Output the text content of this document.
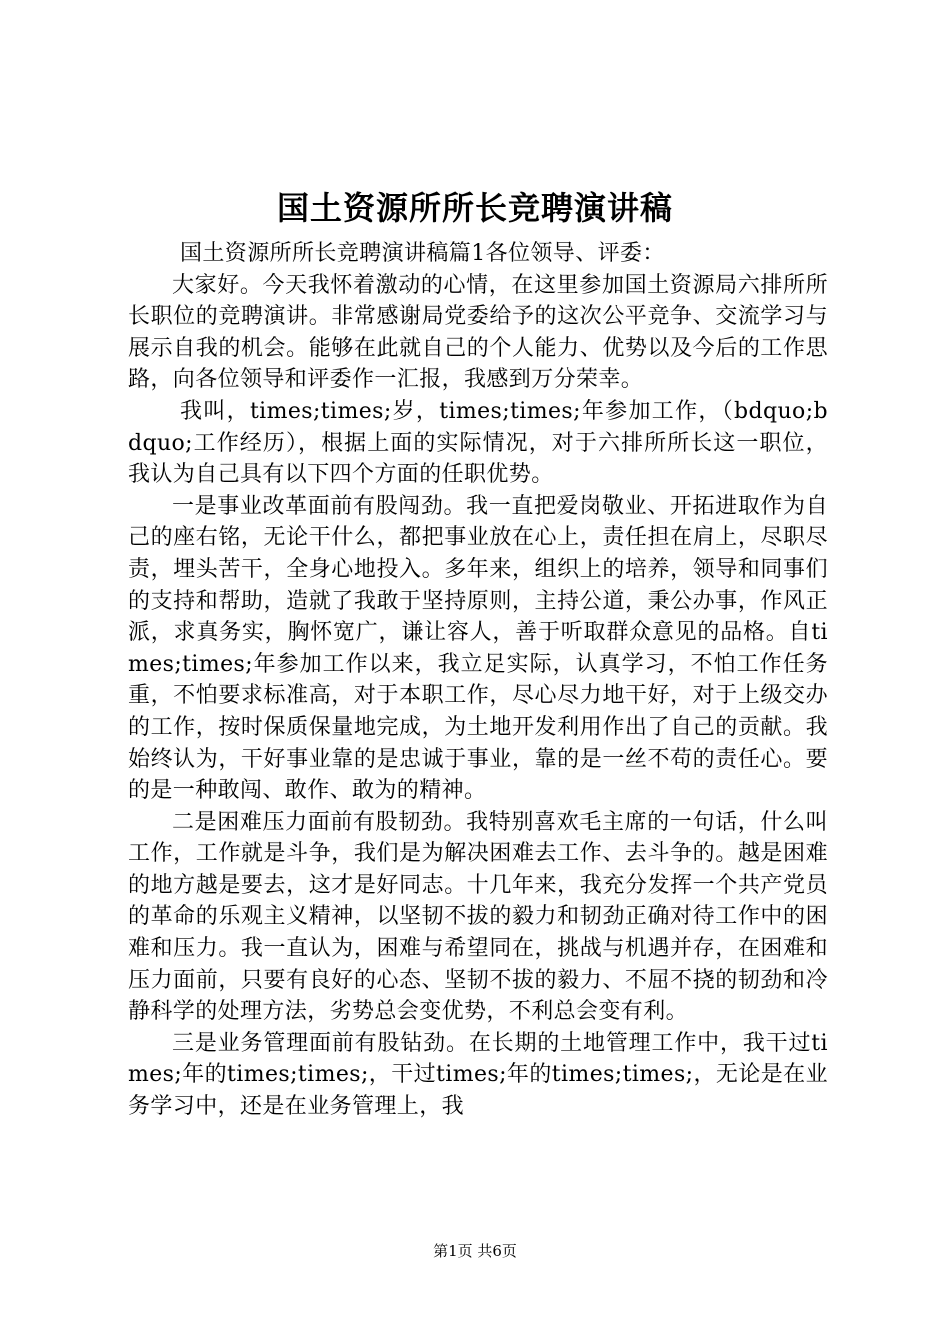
国土资源所所长竞聘演讲稿

国土资源所所长竞聘演讲稿篇1各位领导、评委：

大家好。今天我怀着激动的心情，在这里参加国土资源局六排所所长职位的竞聘演讲。非常感谢局党委给予的这次公平竞争、交流学习与展示自我的机会。能够在此就自己的个人能力、优势以及今后的工作思路，向各位领导和评委作一汇报，我感到万分荣幸。

我叫，times;times;岁，times;times;年参加工作，（bdquo;bdquo;工作经历），根据上面的实际情况，对于六排所所长这一职位，我认为自己具有以下四个方面的任职优势。

一是事业改革面前有股闯劲。我一直把爱岗敬业、开拓进取作为自己的座右铭，无论干什么，都把事业放在心上，责任担在肩上，尽职尽责，埋头苦干，全身心地投入。多年来，组织上的培养，领导和同事们的支持和帮助，造就了我敢于坚持原则，主持公道，秉公办事，作风正派，求真务实，胸怀宽广，谦让容人，善于听取群众意见的品格。自times;times;年参加工作以来，我立足实际，认真学习，不怕工作任务重，不怕要求标准高，对于本职工作，尽心尽力地干好，对于上级交办的工作，按时保质保量地完成，为土地开发利用作出了自己的贡献。我始终认为，干好事业靠的是忠诚于事业，靠的是一丝不苟的责任心。要的是一种敢闯、敢作、敢为的精神。

二是困难压力面前有股韧劲。我特别喜欢毛主席的一句话，什么叫工作，工作就是斗争，我们是为解决困难去工作、去斗争的。越是困难的地方越是要去，这才是好同志。十几年来，我充分发挥一个共产党员的革命的乐观主义精神，以坚韧不拔的毅力和韧劲正确对待工作中的困难和压力。我一直认为，困难与希望同在，挑战与机遇并存，在困难和压力面前，只要有良好的心态、坚韧不拔的毅力、不屈不挠的韧劲和冷静科学的处理方法，劣势总会变优势，不利总会变有利。

三是业务管理面前有股钻劲。在长期的土地管理工作中，我干过times;年的times;times;，干过times;年的times;times;，无论是在业务学习中，还是在业务管理上，我

第1页 共6页
